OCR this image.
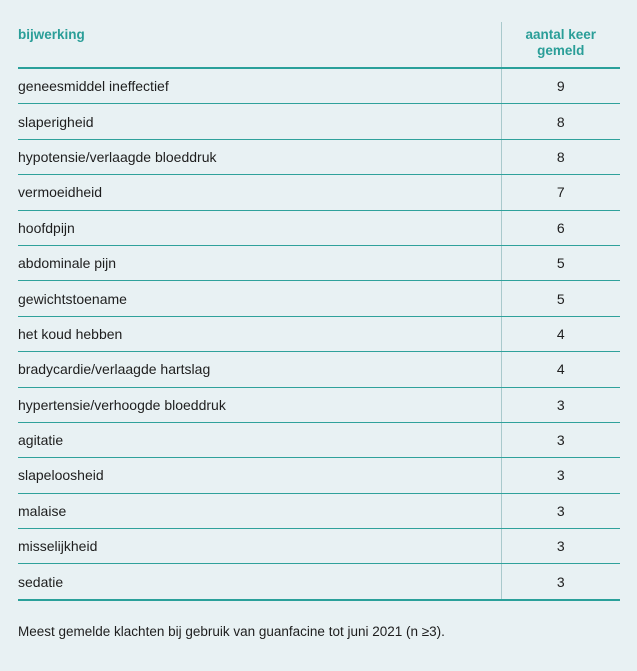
bijwerking	aantal keer
gemeld
geneesmiddel ineffectief	9
slaperigheid	8
hypotensie/verlaagde bloeddruk	8
vermoeidheid	7
hoofdpijn	6
abdominale pijn	5
gewichtstoename	5
het koud hebben	4
bradycardie/verlaagde hartslag	4
hypertensie/verhoogde bloeddruk	3
agitatie	3
slapeloosheid	3
malaise	3
misselijkheid	3
sedatie	3
Meest gemelde klachten bij gebruik van guanfacine tot juni 2021 (n ≥3).
